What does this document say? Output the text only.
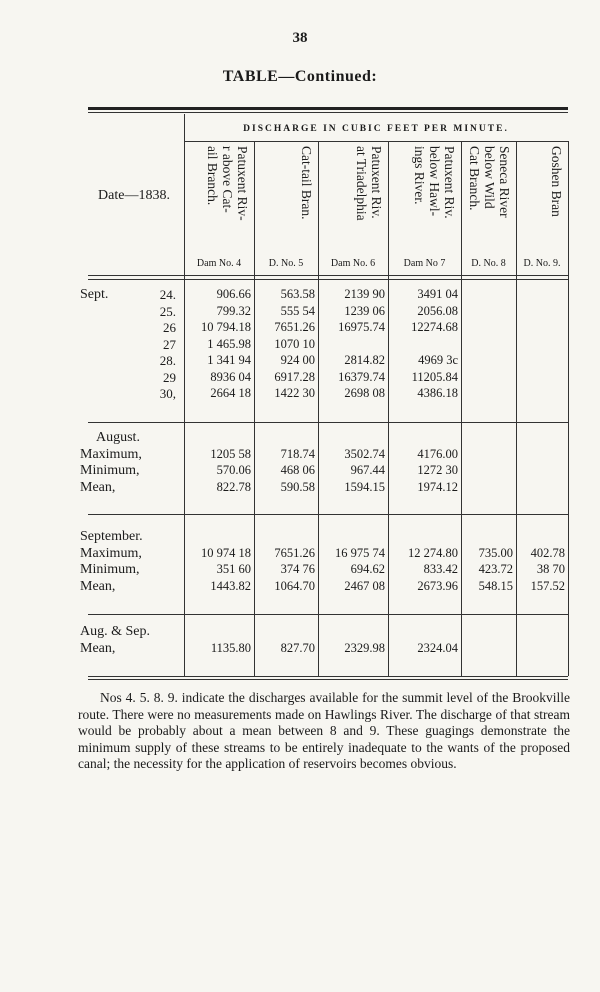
38
TABLE—Continued:
DISCHARGE IN CUBIC FEET PER MINUTE.
Date—1838.
Patuxent Riv-
r above Cat-
ail Branch.
Dam No. 4
Cat-tail Bran.
D. No. 5
Patuxent Riv.
at Triadelphia
Dam No. 6
Patuxent Riv.
below Hawl-
ings River.
Dam No 7
Seneca River
below Wild
Cat Branch.
D. No. 8
Goshen Bran
D. No. 9.
Sept.	24.	906.66	563.58	2139 90	3491 04
25.	799.32	555 54	1239 06	2056.08
26	10 794.18	7651.26	16975.74	12274.68
27	1 465.98	1070 10
28.	1 341 94	924 00	2814.82	4969 3c
29	8936 04	6917.28	16379.74	11205.84
30,	2664 18	1422 30	2698 08	4386.18
August.
Maximum,	1205 58	718.74	3502.74	4176.00
Minimum,	570.06	468 06	967.44	1272 30
Mean,	822.78	590.58	1594.15	1974.12
September.
Maximum,	10 974 18	7651.26	16 975 74	12 274.80	735.00	402.78
Minimum,	351 60	374 76	694.62	833.42	423.72	38 70
Mean,	1443.82	1064.70	2467 08	2673.96	548.15	157.52
Aug. & Sep.
Mean,	1135.80	827.70	2329.98	2324.04
Nos 4. 5. 8. 9. indicate the discharges available for the summit level of the Brookville route. There were no measurements made on Hawlings River. The discharge of that stream would be probably about a mean between 8 and 9. These guagings demonstrate the minimum supply of these streams to be entirely inadequate to the wants of the proposed canal; the necessity for the application of reservoirs becomes obvious.
